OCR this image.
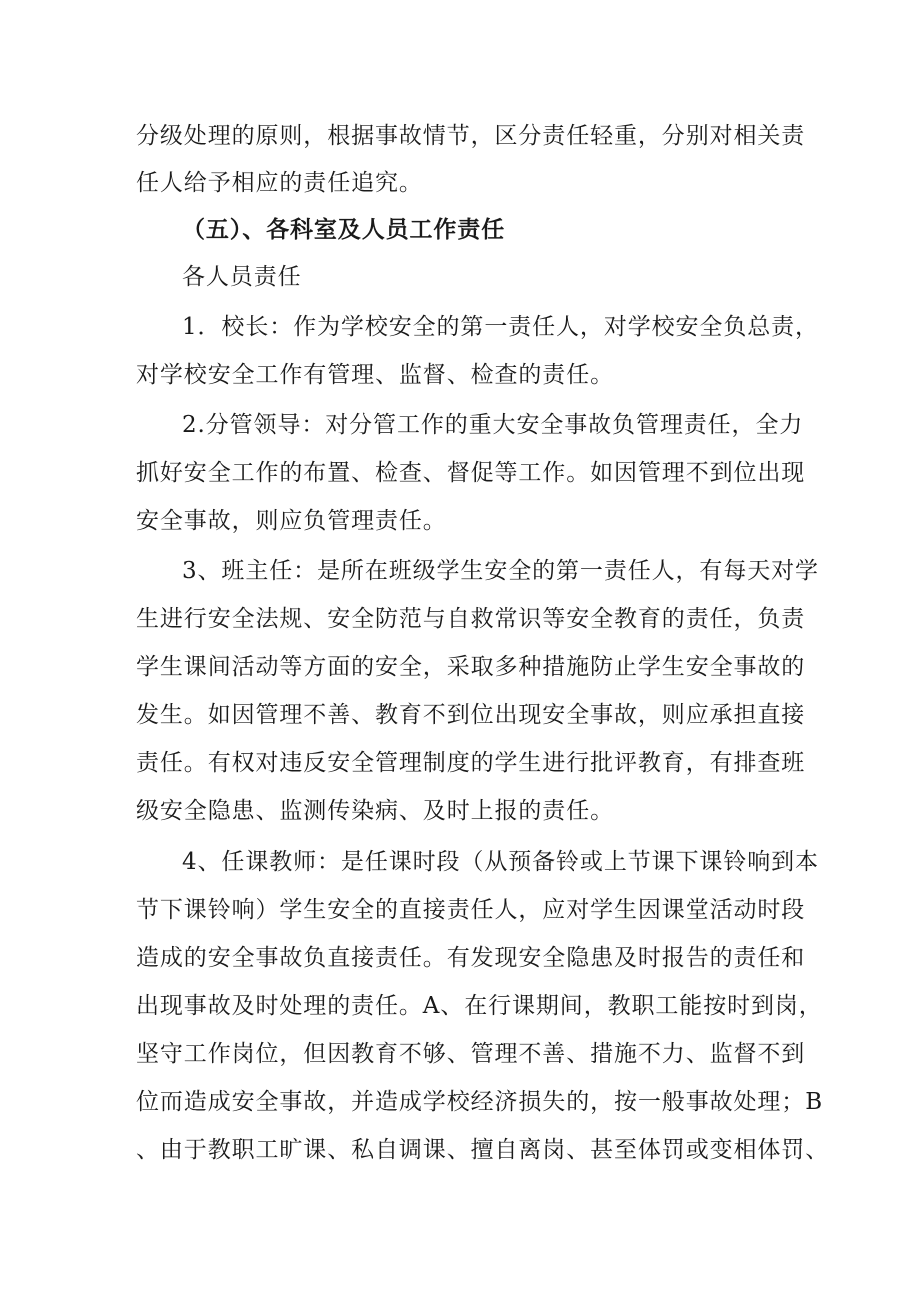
分级处理的原则，根据事故情节，区分责任轻重，分别对相关责
任人给予相应的责任追究。
（五）、各科室及人员工作责任
各人员责任
1．校长：作为学校安全的第一责任人，对学校安全负总责，
对学校安全工作有管理、监督、检查的责任。
2.分管领导：对分管工作的重大安全事故负管理责任，全力
抓好安全工作的布置、检查、督促等工作。如因管理不到位出现
安全事故，则应负管理责任。
3、班主任：是所在班级学生安全的第一责任人，有每天对学
生进行安全法规、安全防范与自救常识等安全教育的责任，负责
学生课间活动等方面的安全，采取多种措施防止学生安全事故的
发生。如因管理不善、教育不到位出现安全事故，则应承担直接
责任。有权对违反安全管理制度的学生进行批评教育，有排查班
级安全隐患、监测传染病、及时上报的责任。
4、任课教师：是任课时段（从预备铃或上节课下课铃响到本
节下课铃响）学生安全的直接责任人，应对学生因课堂活动时段
造成的安全事故负直接责任。有发现安全隐患及时报告的责任和
出现事故及时处理的责任。A、在行课期间，教职工能按时到岗，
坚守工作岗位，但因教育不够、管理不善、措施不力、监督不到
位而造成安全事故，并造成学校经济损失的，按一般事故处理；B
、由于教职工旷课、私自调课、擅自离岗、甚至体罚或变相体罚、
